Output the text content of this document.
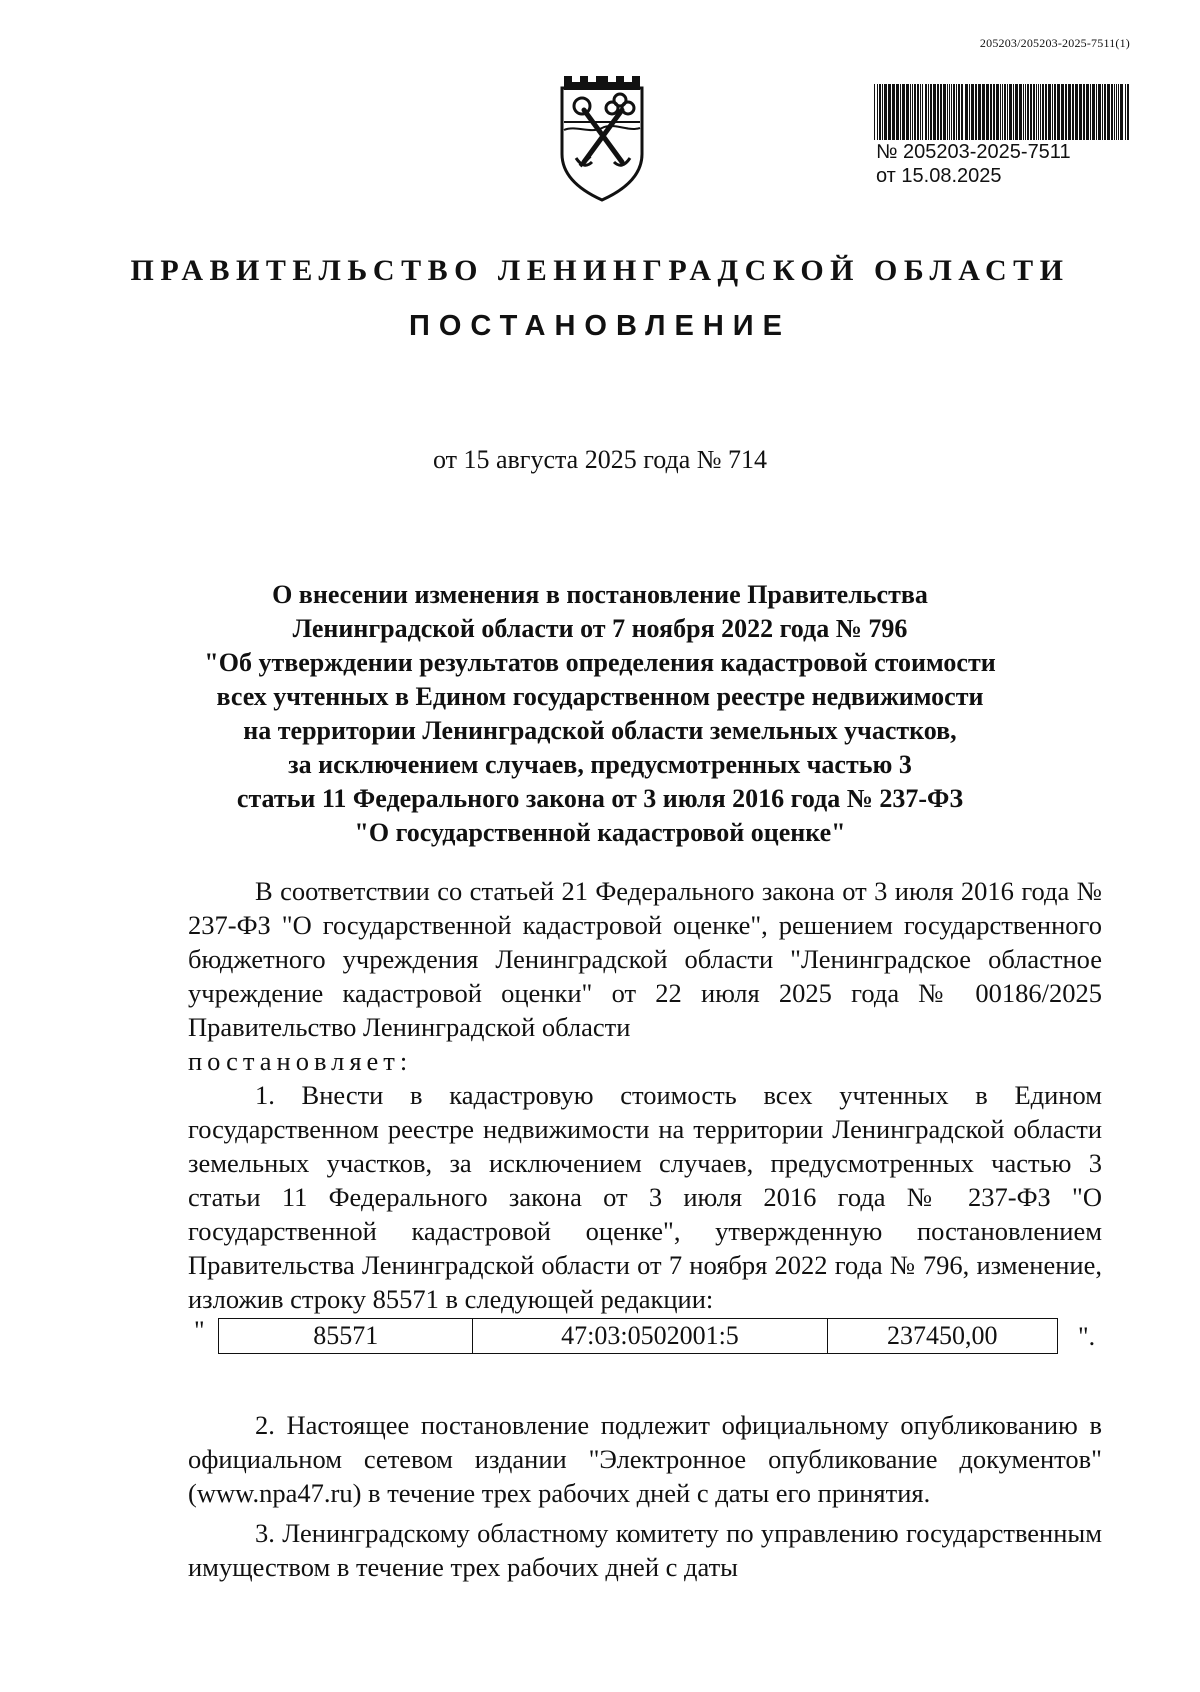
205203/205203-2025-7511(1)
№ 205203-2025-7511
от 15.08.2025
ПРАВИТЕЛЬСТВО ЛЕНИНГРАДСКОЙ ОБЛАСТИ
ПОСТАНОВЛЕНИЕ
от 15 августа 2025 года № 714
О внесении изменения в постановление Правительства
Ленинградской области от 7 ноября 2022 года № 796
"Об утверждении результатов определения кадастровой стоимости
всех учтенных в Едином государственном реестре недвижимости
на территории Ленинградской области земельных участков,
за исключением случаев, предусмотренных частью 3
статьи 11 Федерального закона от 3 июля 2016 года № 237-ФЗ
"О государственной кадастровой оценке"

В соответствии со статьей 21 Федерального закона от 3 июля 2016 года № 237-ФЗ "О государственной кадастровой оценке", решением государственного бюджетного учреждения Ленинградской области "Ленинградское областное учреждение кадастровой оценки" от 22 июля 2025 года № 00186/2025 Правительство Ленинградской области

постановляет:

1. Внести в кадастровую стоимость всех учтенных в Едином государственном реестре недвижимости на территории Ленинградской области земельных участков, за исключением случаев, предусмотренных частью 3 статьи 11 Федерального закона от 3 июля 2016 года № 237-ФЗ "О государственной кадастровой оценке", утвержденную постановлением Правительства Ленинградской области от 7 ноября 2022 года № 796, изменение, изложив строку 85571 в следующей редакции:

"	85571	47:03:0502001:5	237450,00	".

2. Настоящее постановление подлежит официальному опубликованию в официальном сетевом издании "Электронное опубликование документов" (www.npa47.ru) в течение трех рабочих дней с даты его принятия.

3. Ленинградскому областному комитету по управлению государственным имуществом в течение трех рабочих дней с даты
